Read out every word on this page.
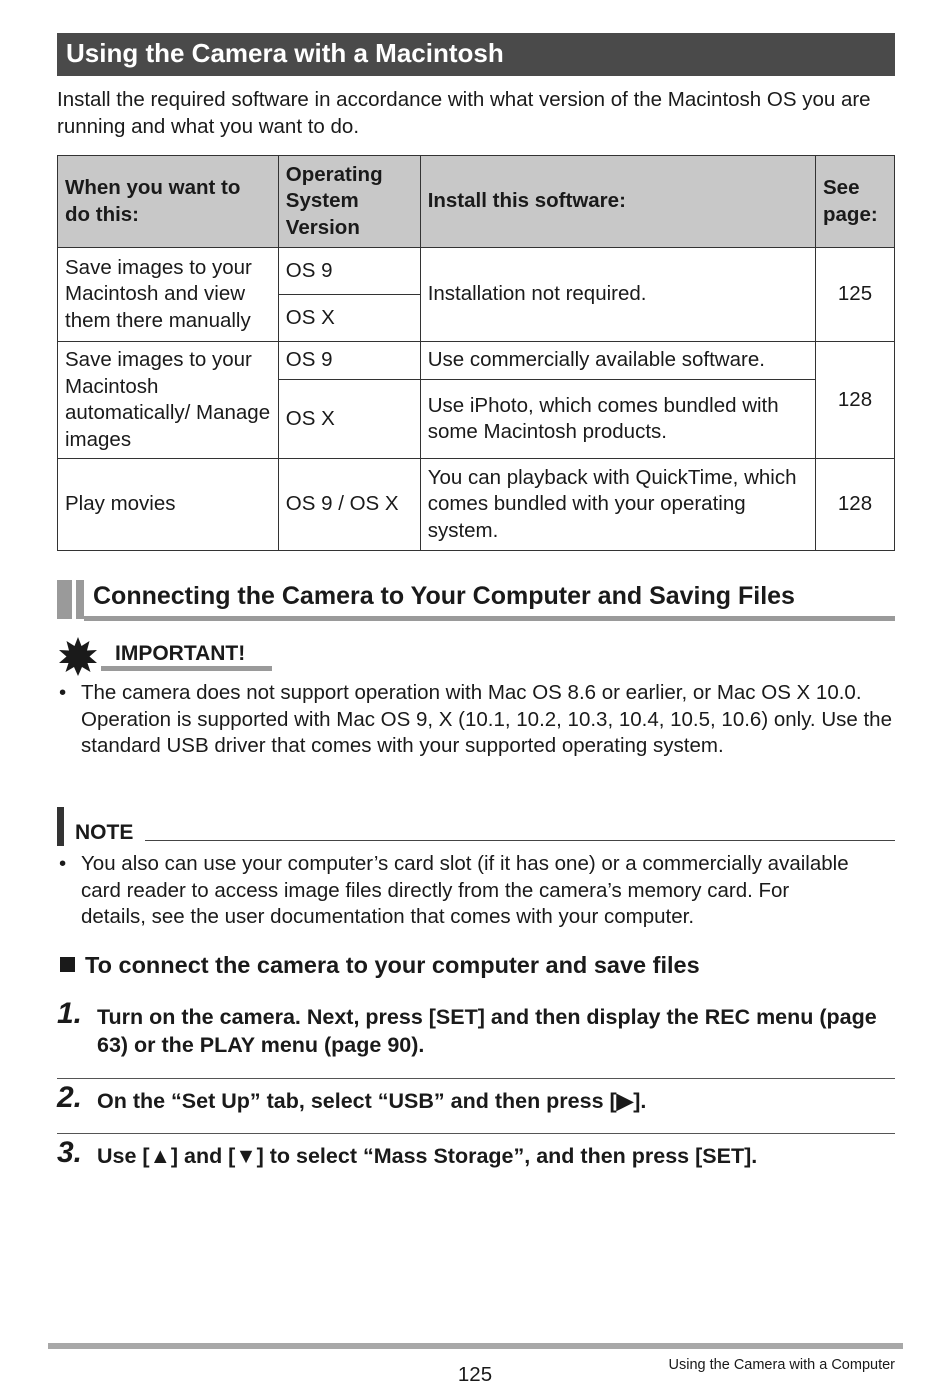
Using the Camera with a Macintosh
Install the required software in accordance with what version of the Macintosh OS you are running and what you want to do.
When you want to do this:	Operating System Version	Install this software:	See page:
Save images to your Macintosh and view them there manually	OS 9	Installation not required.	125
	OS X		
Save images to your Macintosh automatically/ Manage images	OS 9	Use commercially available software.	128
	OS X	Use iPhoto, which comes bundled with some Macintosh products.	
Play movies	OS 9 / OS X	You can playback with QuickTime, which comes bundled with your operating system.	128
Connecting the Camera to Your Computer and Saving Files
IMPORTANT!
• The camera does not support operation with Mac OS 8.6 or earlier, or Mac OS X 10.0. Operation is supported with Mac OS 9, X (10.1, 10.2, 10.3, 10.4, 10.5, 10.6) only. Use the standard USB driver that comes with your supported operating system.
NOTE
• You also can use your computer’s card slot (if it has one) or a commercially available card reader to access image files directly from the camera’s memory card. For details, see the user documentation that comes with your computer.
To connect the camera to your computer and save files
1. Turn on the camera. Next, press [SET] and then display the REC menu (page 63) or the PLAY menu (page 90).
2. On the “Set Up” tab, select “USB” and then press [▶].
3. Use [▲] and [▼] to select “Mass Storage”, and then press [SET].
125	Using the Camera with a Computer
